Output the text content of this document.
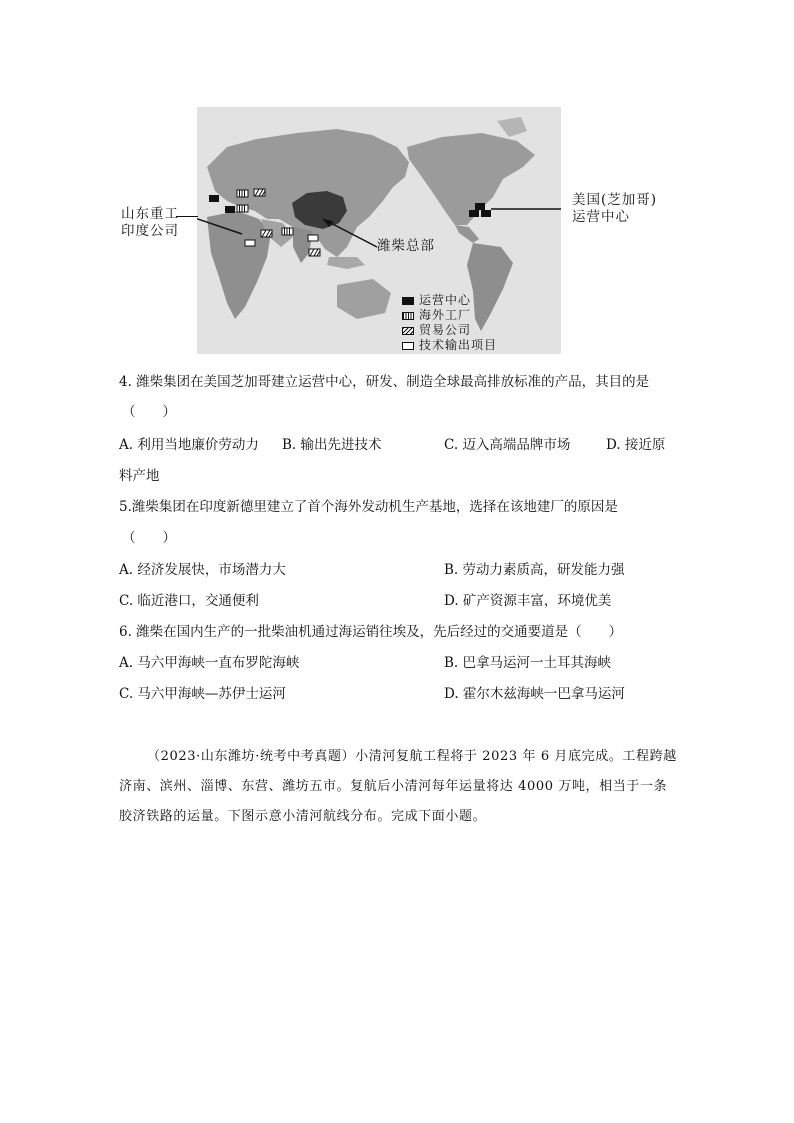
运营中心
海外工厂
贸易公司
技术输出项目
山东重工
印度公司
潍柴总部
美国(芝加哥)
运营中心
4. 潍柴集团在美国芝加哥建立运营中心，研发、制造全球最高排放标准的产品，其目的是
（　　）
A. 利用当地廉价劳动力 B. 输出先进技术	C. 迈入高端品牌市场	D. 接近原
料产地
5.潍柴集团在印度新德里建立了首个海外发动机生产基地，选择在该地建厂的原因是
（　　）
A. 经济发展快，市场潜力大	B. 劳动力素质高，研发能力强
C. 临近港口，交通便利	D. 矿产资源丰富，环境优美
6. 潍柴在国内生产的一批柴油机通过海运销往埃及，先后经过的交通要道是（　　）
A. 马六甲海峡一直布罗陀海峡	B. 巴拿马运河一土耳其海峡
C. 马六甲海峡—苏伊士运河	D. 霍尔木兹海峡一巴拿马运河
（2023·山东潍坊·统考中考真题）小清河复航工程将于 2023 年 6 月底完成。工程跨越
济南、滨州、淄博、东营、潍坊五市。复航后小清河每年运量将达 4000 万吨，相当于一条
胶济铁路的运量。下图示意小清河航线分布。完成下面小题。
